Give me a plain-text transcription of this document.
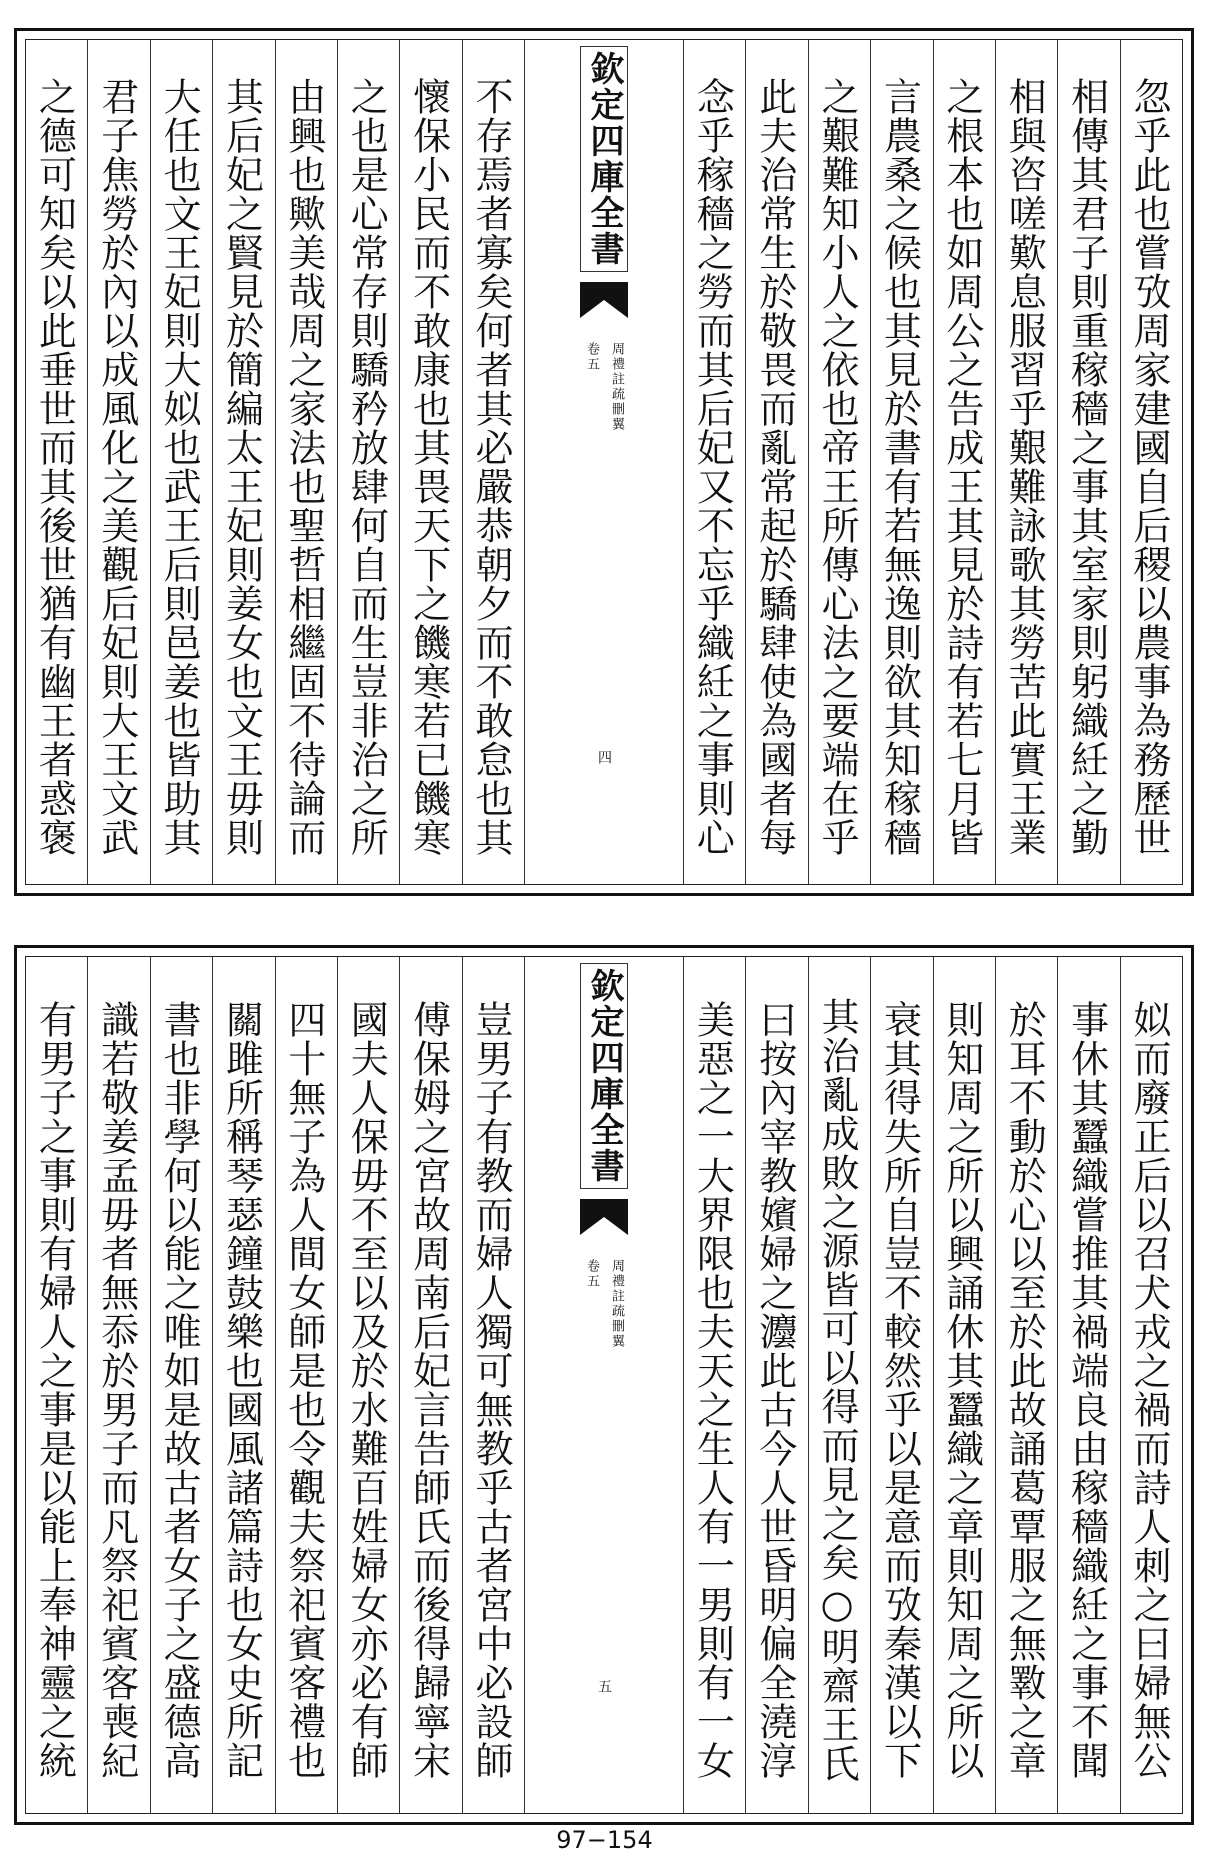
忽乎此也嘗攷周家建國自后稷以農事為務歷世
相傳其君子則重稼穡之事其室家則躬織紝之勤
相與咨嗟歎息服習乎艱難詠歌其勞苦此實王業
之根本也如周公之告成王其見於詩有若七月皆
言農桑之候也其見於書有若無逸則欲其知稼穡
之艱難知小人之依也帝王所傳心法之要端在乎
此夫治常生於敬畏而亂常起於驕肆使為國者每
念乎稼穡之勞而其后妃又不忘乎織紝之事則心
欽定四庫全書
周禮註疏刪翼
卷五
四
不存焉者寡矣何者其必嚴恭朝夕而不敢怠也其
懷保小民而不敢康也其畏天下之饑寒若已饑寒
之也是心常存則驕矜放肆何自而生豈非治之所
由興也歟美哉周之家法也聖哲相繼固不待論而
其后妃之賢見於簡編太王妃則姜女也文王毋則
大任也文王妃則大姒也武王后則邑姜也皆助其
君子焦勞於內以成風化之美觀后妃則大王文武
之德可知矣以此垂世而其後世猶有幽王者惑褒
姒而廢正后以召犬戎之禍而詩人刺之曰婦無公
事休其蠶織嘗推其禍端良由稼穡織紝之事不聞
於耳不動於心以至於此故誦葛覃服之無斁之章
則知周之所以興誦休其蠶織之章則知周之所以
衰其得失所自豈不較然乎以是意而攷秦漢以下
其治亂成敗之源皆可以得而見之矣○明齋王氏
曰按內宰教嬪婦之灋此古今人世昏明偏全澆淳
美惡之一大界限也夫天之生人有一男則有一女
欽定四庫全書
周禮註疏刪翼
卷五
五
豈男子有教而婦人獨可無教乎古者宮中必設師
傅保姆之宮故周南后妃言告師氏而後得歸寧宋
國夫人保毋不至以及於水難百姓婦女亦必有師
四十無子為人間女師是也令觀夫祭祀賓客禮也
關雎所稱琴瑟鐘鼓樂也國風諸篇詩也女史所記
書也非學何以能之唯如是故古者女子之盛德高
識若敬姜孟毋者無忝於男子而凡祭祀賓客喪紀
有男子之事則有婦人之事是以能上奉神靈之統
97−154
